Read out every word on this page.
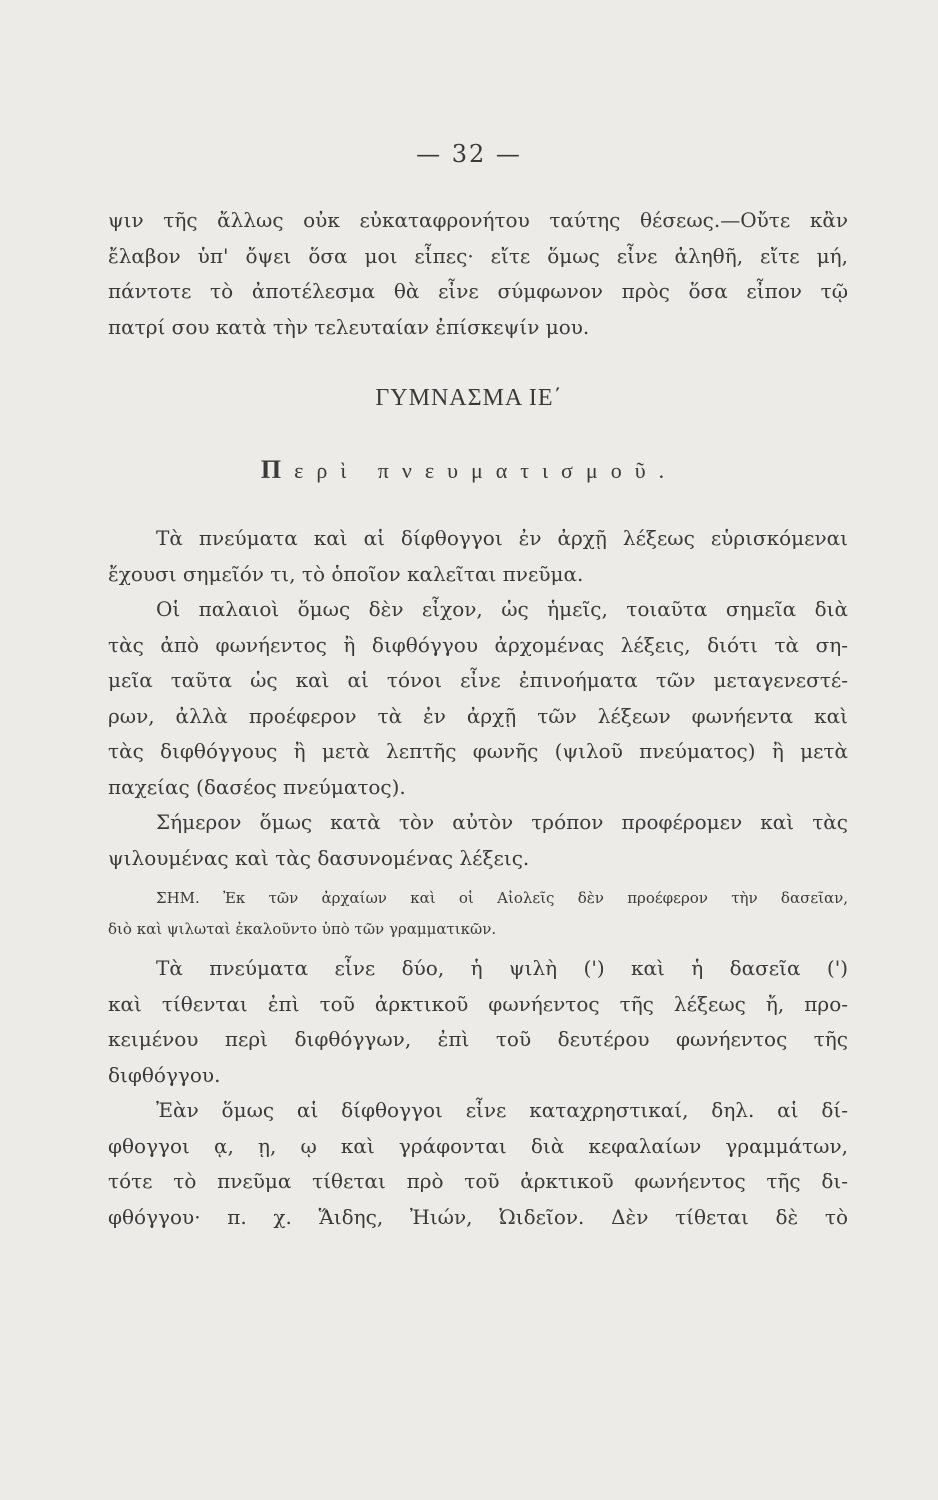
— 32 —
ψιν τῆς ἄλλως οὐκ εὐκαταφρονήτου ταύτης θέσεως.—Οὔτε κἂν
ἔλαβον ὑπ' ὄψει ὅσα μοι εἶπες· εἴτε ὅμως εἶνε ἀληθῆ, εἴτε μή,
πάντοτε τὸ ἀποτέλεσμα θὰ εἶνε σύμφωνον πρὸς ὅσα εἶπον τῷ
πατρί σου κατὰ τὴν τελευταίαν ἐπίσκεψίν μου.
ΓΥΜΝΑΣΜΑ ΙΕ΄
Περὶ πνευματισμοῦ.
Τὰ πνεύματα καὶ αἱ δίφθογγοι ἐν ἀρχῇ λέξεως εὑρισκόμεναι
ἔχουσι σημεῖόν τι, τὸ ὁποῖον καλεῖται πνεῦμα.
Οἱ παλαιοὶ ὅμως δὲν εἶχον, ὡς ἡμεῖς, τοιαῦτα σημεῖα διὰ
τὰς ἀπὸ φωνήεντος ἢ διφθόγγου ἀρχομένας λέξεις, διότι τὰ ση-
μεῖα ταῦτα ὡς καὶ αἱ τόνοι εἶνε ἐπινοήματα τῶν μεταγενεστέ-
ρων, ἀλλὰ προέφερον τὰ ἐν ἀρχῇ τῶν λέξεων φωνήεντα καὶ
τὰς διφθόγγους ἢ μετὰ λεπτῆς φωνῆς (ψιλοῦ πνεύματος) ἢ μετὰ
παχείας (δασέος πνεύματος).
Σήμερον ὅμως κατὰ τὸν αὐτὸν τρόπον προφέρομεν καὶ τὰς
ψιλουμένας καὶ τὰς δασυνομένας λέξεις.
ΣΗΜ. Ἐκ τῶν ἀρχαίων καὶ οἱ Αἰολεῖς δὲν προέφερον τὴν δασεῖαν,
διὸ καὶ ψιλωταὶ ἐκαλοῦντο ὑπὸ τῶν γραμματικῶν.
Τὰ πνεύματα εἶνε δύο, ἡ ψιλὴ (') καὶ ἡ δασεῖα (')
καὶ τίθενται ἐπὶ τοῦ ἀρκτικοῦ φωνήεντος τῆς λέξεως ἤ, προ-
κειμένου περὶ διφθόγγων, ἐπὶ τοῦ δευτέρου φωνήεντος τῆς
διφθόγγου.
Ἐὰν ὅμως αἱ δίφθογγοι εἶνε καταχρηστικαί, δηλ. αἱ δί-
φθογγοι ᾳ, ῃ, ῳ καὶ γράφονται διὰ κεφαλαίων γραμμάτων,
τότε τὸ πνεῦμα τίθεται πρὸ τοῦ ἀρκτικοῦ φωνήεντος τῆς δι-
φθόγγου· π. χ. Ἅιδης, Ἠιών, Ὠιδεῖον. Δὲν τίθεται δὲ τὸ
